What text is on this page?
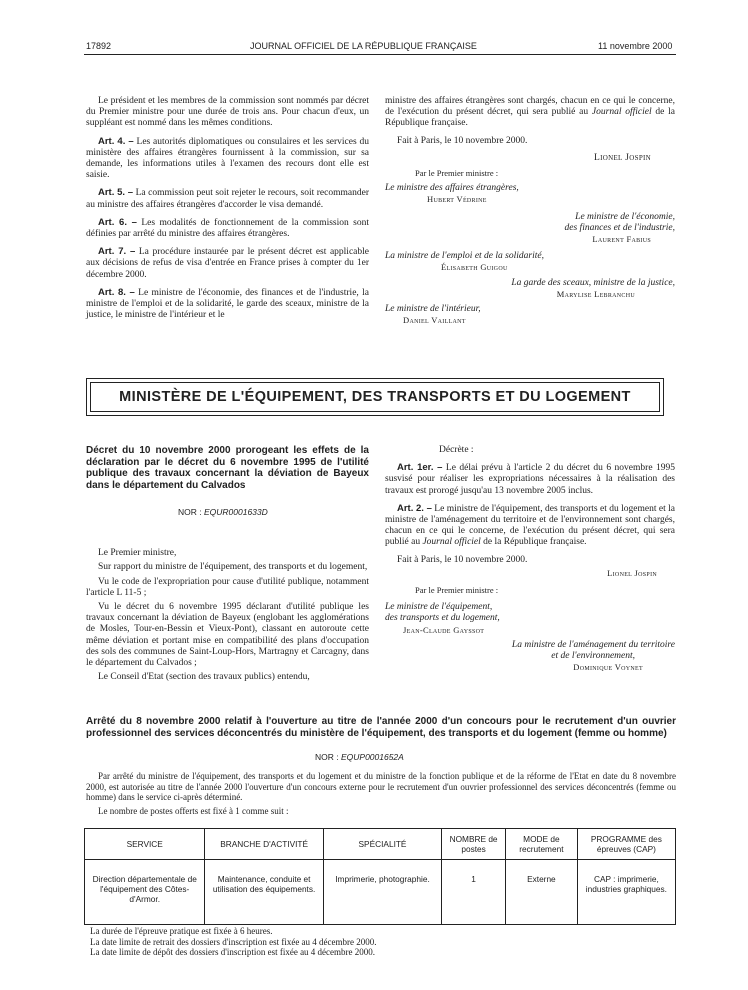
17892	JOURNAL OFFICIEL DE LA RÉPUBLIQUE FRANÇAISE	11 novembre 2000

Le président et les membres de la commission sont nommés par décret du Premier ministre pour une durée de trois ans. Pour chacun d'eux, un suppléant est nommé dans les mêmes conditions.

Art. 4. – Les autorités diplomatiques ou consulaires et les services du ministère des affaires étrangères fournissent à la commission, sur sa demande, les informations utiles à l'examen des recours dont elle est saisie.

Art. 5. – La commission peut soit rejeter le recours, soit recommander au ministre des affaires étrangères d'accorder le visa demandé.

Art. 6. – Les modalités de fonctionnement de la commission sont définies par arrêté du ministre des affaires étrangères.

Art. 7. – La procédure instaurée par le présent décret est applicable aux décisions de refus de visa d'entrée en France prises à compter du 1er décembre 2000.

Art. 8. – Le ministre de l'économie, des finances et de l'industrie, la ministre de l'emploi et de la solidarité, le garde des sceaux, ministre de la justice, le ministre de l'intérieur et le

ministre des affaires étrangères sont chargés, chacun en ce qui le concerne, de l'exécution du présent décret, qui sera publié au Journal officiel de la République française.

Fait à Paris, le 10 novembre 2000.

Lionel Jospin
Par le Premier ministre :
Le ministre des affaires étrangères,
Hubert Védrine
Le ministre de l'économie,
des finances et de l'industrie,
Laurent Fabius
La ministre de l'emploi et de la solidarité,
Élisabeth Guigou
La garde des sceaux, ministre de la justice,
Marylise Lebranchu
Le ministre de l'intérieur,
Daniel Vaillant
MINISTÈRE DE L'ÉQUIPEMENT, DES TRANSPORTS ET DU LOGEMENT
Décret du 10 novembre 2000 prorogeant les effets de la déclaration par le décret du 6 novembre 1995 de l'utilité publique des travaux concernant la déviation de Bayeux dans le département du Calvados
NOR : EQUR0001633D

Le Premier ministre,

Sur rapport du ministre de l'équipement, des transports et du logement,

Vu le code de l'expropriation pour cause d'utilité publique, notamment l'article L 11-5 ;

Vu le décret du 6 novembre 1995 déclarant d'utilité publique les travaux concernant la déviation de Bayeux (englobant les agglomérations de Mosles, Tour-en-Bessin et Vieux-Pont), classant en autoroute cette même déviation et portant mise en compatibilité des plans d'occupation des sols des communes de Saint-Loup-Hors, Martragny et Carcagny, dans le département du Calvados ;

Le Conseil d'Etat (section des travaux publics) entendu,

Décrète :

Art. 1er. – Le délai prévu à l'article 2 du décret du 6 novembre 1995 susvisé pour réaliser les expropriations nécessaires à la réalisation des travaux est prorogé jusqu'au 13 novembre 2005 inclus.

Art. 2. – Le ministre de l'équipement, des transports et du logement et la ministre de l'aménagement du territoire et de l'environnement sont chargés, chacun en ce qui le concerne, de l'exécution du présent décret, qui sera publié au Journal officiel de la République française.

Fait à Paris, le 10 novembre 2000.

Lionel Jospin
Par le Premier ministre :
Le ministre de l'équipement,
des transports et du logement,
Jean-Claude Gayssot
La ministre de l'aménagement du territoire
et de l'environnement,
Dominique Voynet
Arrêté du 8 novembre 2000 relatif à l'ouverture au titre de l'année 2000 d'un concours pour le recrutement d'un ouvrier professionnel des services déconcentrés du ministère de l'équipement, des transports et du logement (femme ou homme)
NOR : EQUP0001652A

Par arrêté du ministre de l'équipement, des transports et du logement et du ministre de la fonction publique et de la réforme de l'Etat en date du 8 novembre 2000, est autorisée au titre de l'année 2000 l'ouverture d'un concours externe pour le recrutement d'un ouvrier professionnel des services déconcentrés (femme ou homme) dans le service ci-après déterminé.

Le nombre de postes offerts est fixé à 1 comme suit :

SERVICE	BRANCHE D'ACTIVITÉ	SPÉCIALITÉ	NOMBRE de postes	MODE de recrutement	PROGRAMME des épreuves (CAP)
Direction départementale de l'équipement des Côtes-d'Armor.	Maintenance, conduite et utilisation des équipements.	Imprimerie, photographie.	1	Externe	CAP : imprimerie, industries graphiques.
La durée de l'épreuve pratique est fixée à 6 heures.
La date limite de retrait des dossiers d'inscription est fixée au 4 décembre 2000.
La date limite de dépôt des dossiers d'inscription est fixée au 4 décembre 2000.
